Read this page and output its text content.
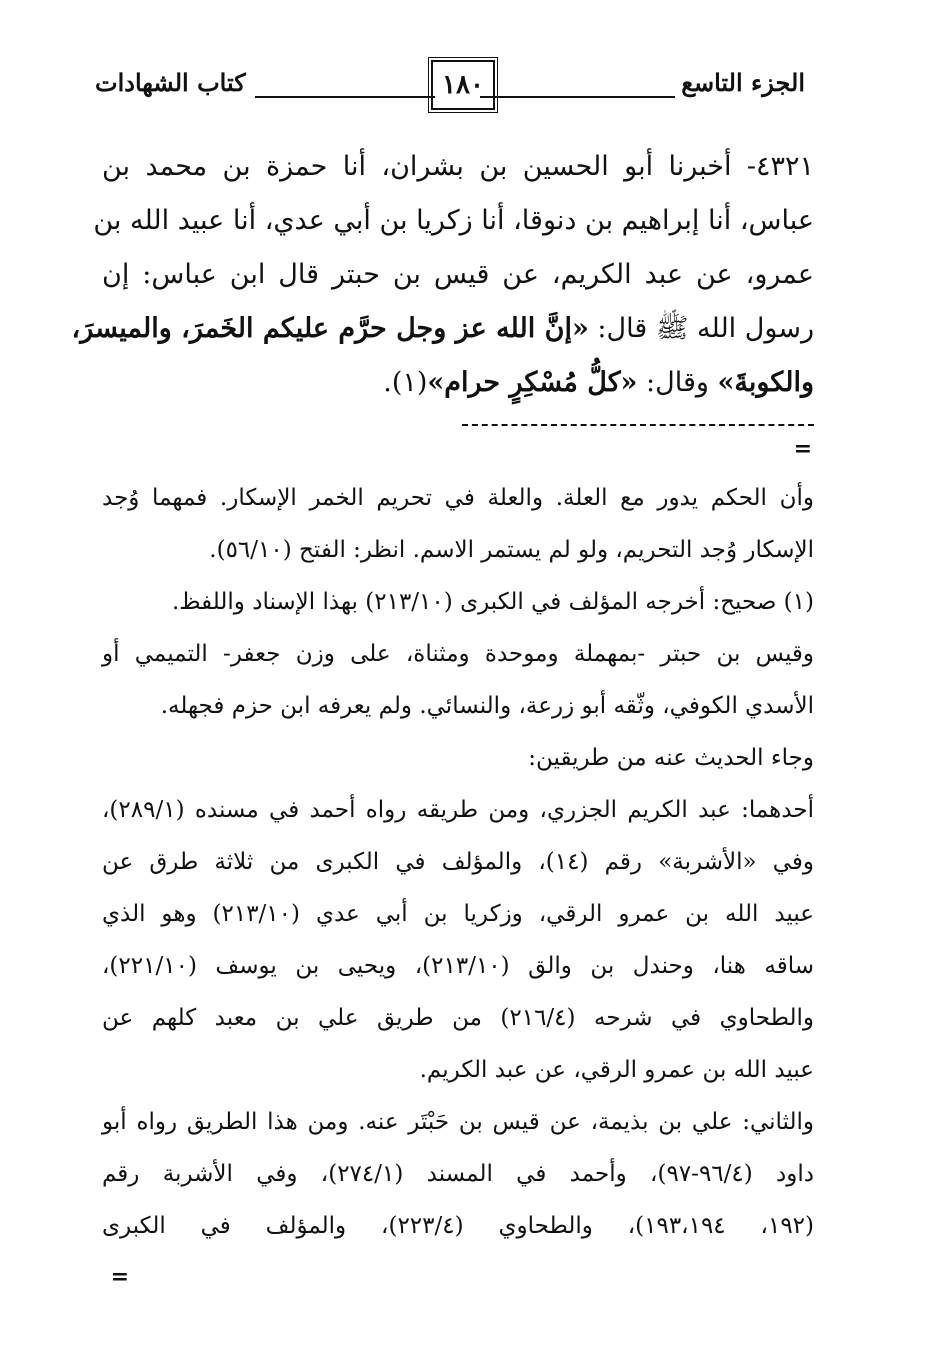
الجزء التاسع
١٨٠
كتاب الشهادات
٤٣٢١- أخبرنا أبو الحسين بن بشران، أنا حمزة بن محمد بن
عباس، أنا إبراهيم بن دنوقا، أنا زكريا بن أبي عدي، أنا عبيد الله بن
عمرو، عن عبد الكريم، عن قيس بن حبتر قال ابن عباس: إن
رسول الله ﷺ قال: «إنَّ الله عز وجل حرَّم عليكم الخَمرَ، والميسرَ،
والكوبةَ» وقال: «كلُّ مُسْكِرٍ حرام»(١).
=
وأن الحكم يدور مع العلة. والعلة في تحريم الخمر الإسكار. فمهما وُجد
الإسكار وُجد التحريم، ولو لم يستمر الاسم. انظر: الفتح (٥٦/١٠).
(١) صحيح: أخرجه المؤلف في الكبرى (٢١٣/١٠) بهذا الإسناد واللفظ.
وقيس بن حبتر -بمهملة وموحدة ومثناة، على وزن جعفر- التميمي أو
الأسدي الكوفي، وثّقه أبو زرعة، والنسائي. ولم يعرفه ابن حزم فجهله.
وجاء الحديث عنه من طريقين:
أحدهما: عبد الكريم الجزري، ومن طريقه رواه أحمد في مسنده (٢٨٩/١)،
وفي «الأشربة» رقم (١٤)، والمؤلف في الكبرى من ثلاثة طرق عن
عبيد الله بن عمرو الرقي، وزكريا بن أبي عدي (٢١٣/١٠) وهو الذي
ساقه هنا، وحندل بن والق (٢١٣/١٠)، ويحيى بن يوسف (٢٢١/١٠)،
والطحاوي في شرحه (٢١٦/٤) من طريق علي بن معبد كلهم عن
عبيد الله بن عمرو الرقي، عن عبد الكريم.
والثاني: علي بن بذيمة، عن قيس بن حَبْتَر عنه. ومن هذا الطريق رواه أبو
داود (٩٦/٤-٩٧)، وأحمد في المسند (٢٧٤/١)، وفي الأشربة رقم
(١٩٢، ١٩٣،١٩٤)، والطحاوي (٢٢٣/٤)، والمؤلف في الكبرى
=
